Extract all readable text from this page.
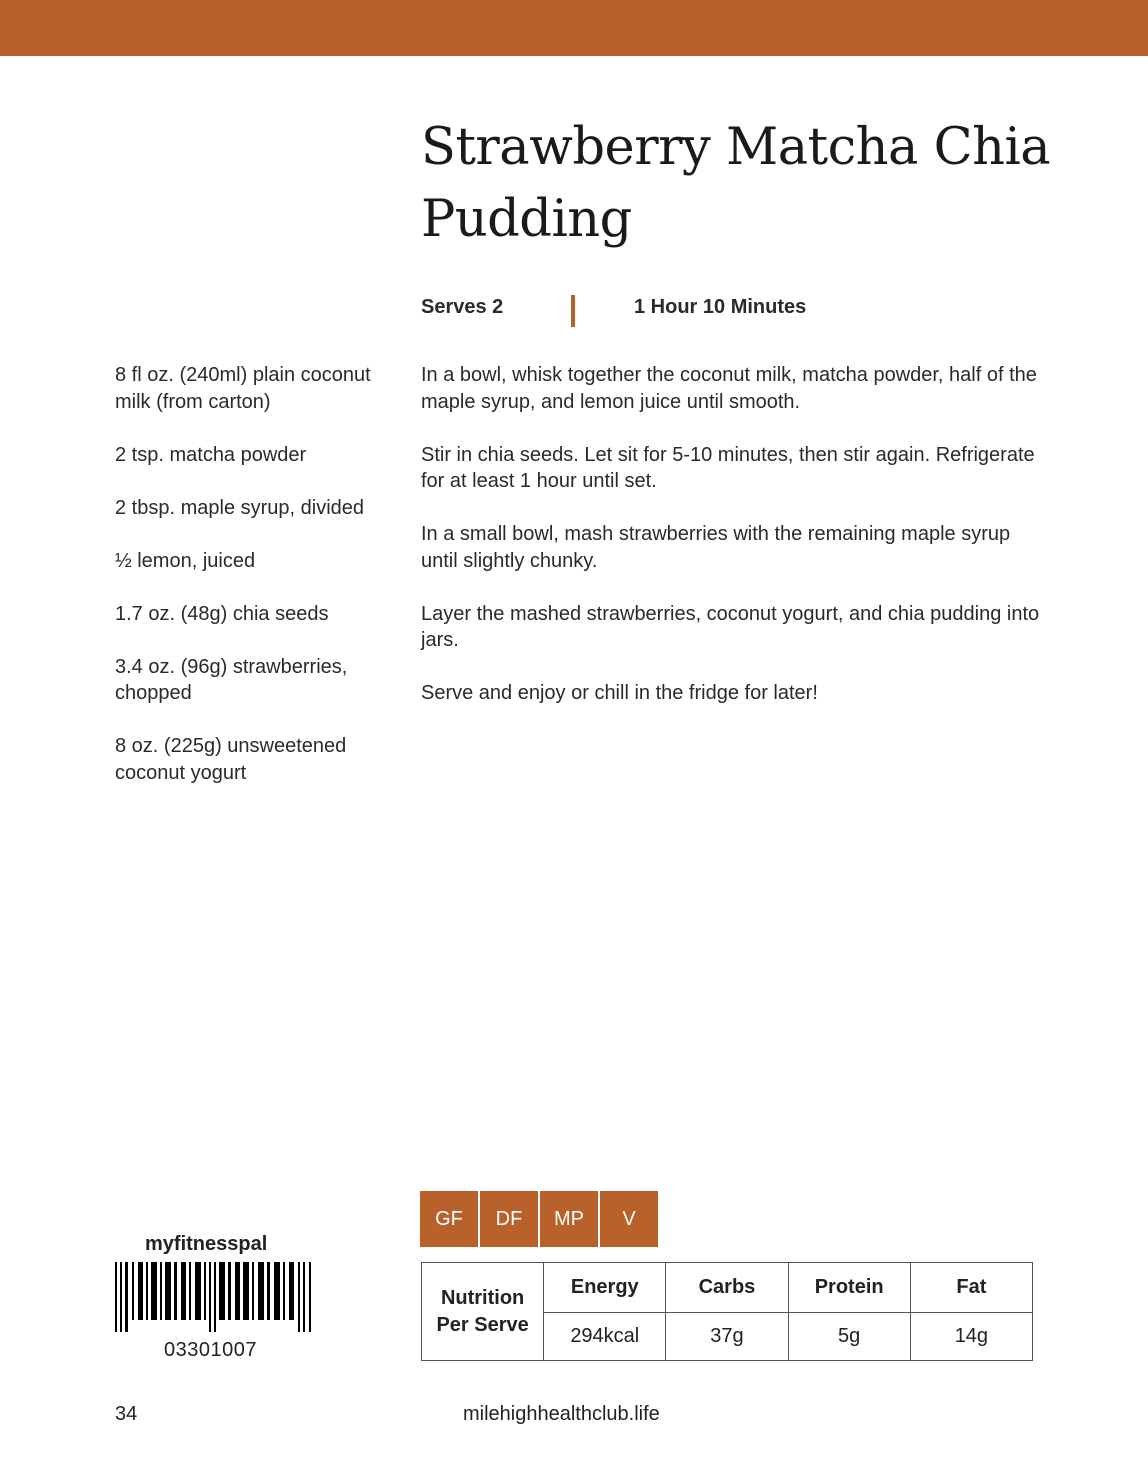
Strawberry Matcha Chia Pudding
Serves 2	1 Hour 10 Minutes
8 fl oz. (240ml) plain coconut milk (from carton)
2 tsp. matcha powder
2 tbsp. maple syrup, divided
½ lemon, juiced
1.7 oz. (48g) chia seeds
3.4 oz. (96g) strawberries, chopped
8 oz. (225g) unsweetened coconut yogurt
In a bowl, whisk together the coconut milk, matcha powder, half of the maple syrup, and lemon juice until smooth.
Stir in chia seeds. Let sit for 5-10 minutes, then stir again. Refrigerate for at least 1 hour until set.
In a small bowl, mash strawberries with the remaining maple syrup until slightly chunky.
Layer the mashed strawberries, coconut yogurt, and chia pudding into jars.
Serve and enjoy or chill in the fridge for later!
GF	DF	MP	V
Nutrition
Per Serve	Energy	Carbs	Protein	Fat
	294kcal	37g	5g	14g
myfitnesspal
03301007
34	milehighhealthclub.life
